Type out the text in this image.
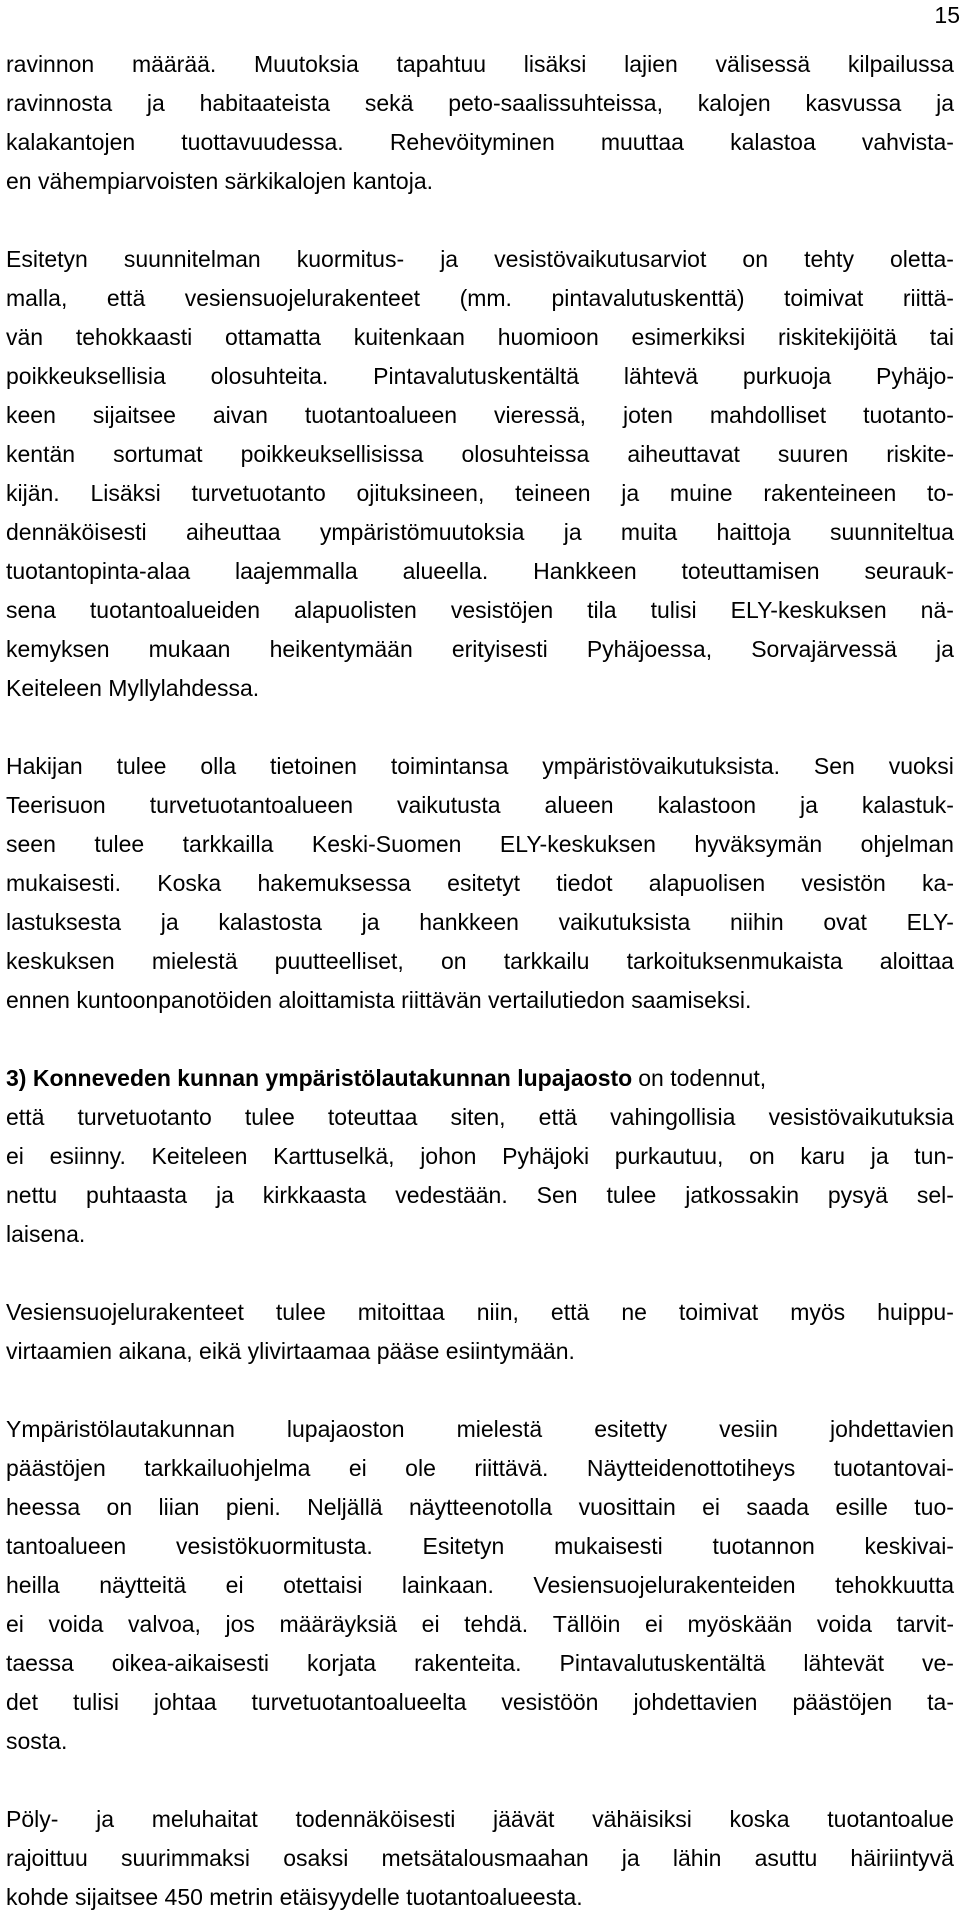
15
ravinnon määrää. Muutoksia tapahtuu lisäksi lajien välisessä kilpailussa
ravinnosta ja habitaateista sekä peto-saalissuhteissa, kalojen kasvussa ja
kalakantojen tuottavuudessa. Rehevöityminen muuttaa kalastoa vahvista-
en vähempiarvoisten särkikalojen kantoja.
Esitetyn suunnitelman kuormitus- ja vesistövaikutusarviot on tehty oletta-
malla, että vesiensuojelurakenteet (mm. pintavalutuskenttä) toimivat riittä-
vän tehokkaasti ottamatta kuitenkaan huomioon esimerkiksi riskitekijöitä tai
poikkeuksellisia olosuhteita. Pintavalutuskentältä lähtevä purkuoja Pyhäjo-
keen sijaitsee aivan tuotantoalueen vieressä, joten mahdolliset tuotanto-
kentän sortumat poikkeuksellisissa olosuhteissa aiheuttavat suuren riskite-
kijän. Lisäksi turvetuotanto ojituksineen, teineen ja muine rakenteineen to-
dennäköisesti aiheuttaa ympäristömuutoksia ja muita haittoja suunniteltua
tuotantopinta-alaa laajemmalla alueella. Hankkeen toteuttamisen seurauk-
sena tuotantoalueiden alapuolisten vesistöjen tila tulisi ELY-keskuksen nä-
kemyksen mukaan heikentymään erityisesti Pyhäjoessa, Sorvajärvessä ja
Keiteleen Myllylahdessa.
Hakijan tulee olla tietoinen toimintansa ympäristövaikutuksista. Sen vuoksi
Teerisuon turvetuotantoalueen vaikutusta alueen kalastoon ja kalastuk-
seen tulee tarkkailla Keski-Suomen ELY-keskuksen hyväksymän ohjelman
mukaisesti. Koska hakemuksessa esitetyt tiedot alapuolisen vesistön ka-
lastuksesta ja kalastosta ja hankkeen vaikutuksista niihin ovat ELY-
keskuksen mielestä puutteelliset, on tarkkailu tarkoituksenmukaista aloittaa
ennen kuntoonpanotöiden aloittamista riittävän vertailutiedon saamiseksi.
3) Konneveden kunnan ympäristölautakunnan lupajaosto on todennut,
että turvetuotanto tulee toteuttaa siten, että vahingollisia vesistövaikutuksia
ei esiinny. Keiteleen Karttuselkä, johon Pyhäjoki purkautuu, on karu ja tun-
nettu puhtaasta ja kirkkaasta vedestään. Sen tulee jatkossakin pysyä sel-
laisena.
Vesiensuojelurakenteet tulee mitoittaa niin, että ne toimivat myös huippu-
virtaamien aikana, eikä ylivirtaamaa pääse esiintymään.
Ympäristölautakunnan lupajaoston mielestä esitetty vesiin johdettavien
päästöjen tarkkailuohjelma ei ole riittävä. Näytteidenottotiheys tuotantovai-
heessa on liian pieni. Neljällä näytteenotolla vuosittain ei saada esille tuo-
tantoalueen vesistökuormitusta. Esitetyn mukaisesti tuotannon keskivai-
heilla näytteitä ei otettaisi lainkaan. Vesiensuojelurakenteiden tehokkuutta
ei voida valvoa, jos määräyksiä ei tehdä. Tällöin ei myöskään voida tarvit-
taessa oikea-aikaisesti korjata rakenteita. Pintavalutuskentältä lähtevät ve-
det tulisi johtaa turvetuotantoalueelta vesistöön johdettavien päästöjen ta-
sosta.
Pöly- ja meluhaitat todennäköisesti jäävät vähäisiksi koska tuotantoalue
rajoittuu suurimmaksi osaksi metsätalousmaahan ja lähin asuttu häiriintyvä
kohde sijaitsee 450 metrin etäisyydelle tuotantoalueesta.
